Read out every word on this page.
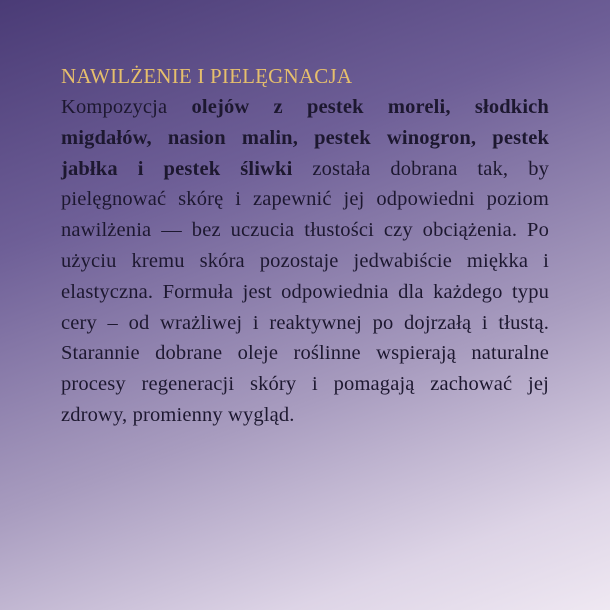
NAWILŻENIE I PIELĘGNACJA

Kompozycja olejów z pestek moreli, słodkich migdałów, nasion malin, pestek winogron, pestek jabłka i pestek śliwki została dobrana tak, by pielęgnować skórę i zapewnić jej odpowiedni poziom nawilżenia — bez uczucia tłustości czy obciążenia. Po użyciu kremu skóra pozostaje jedwabiście miękka i elastyczna. Formuła jest odpowiednia dla każdego typu cery – od wrażliwej i reaktywnej po dojrzałą i tłustą. Starannie dobrane oleje roślinne wspierają naturalne procesy regeneracji skóry i pomagają zachować jej zdrowy, promienny wygląd.
